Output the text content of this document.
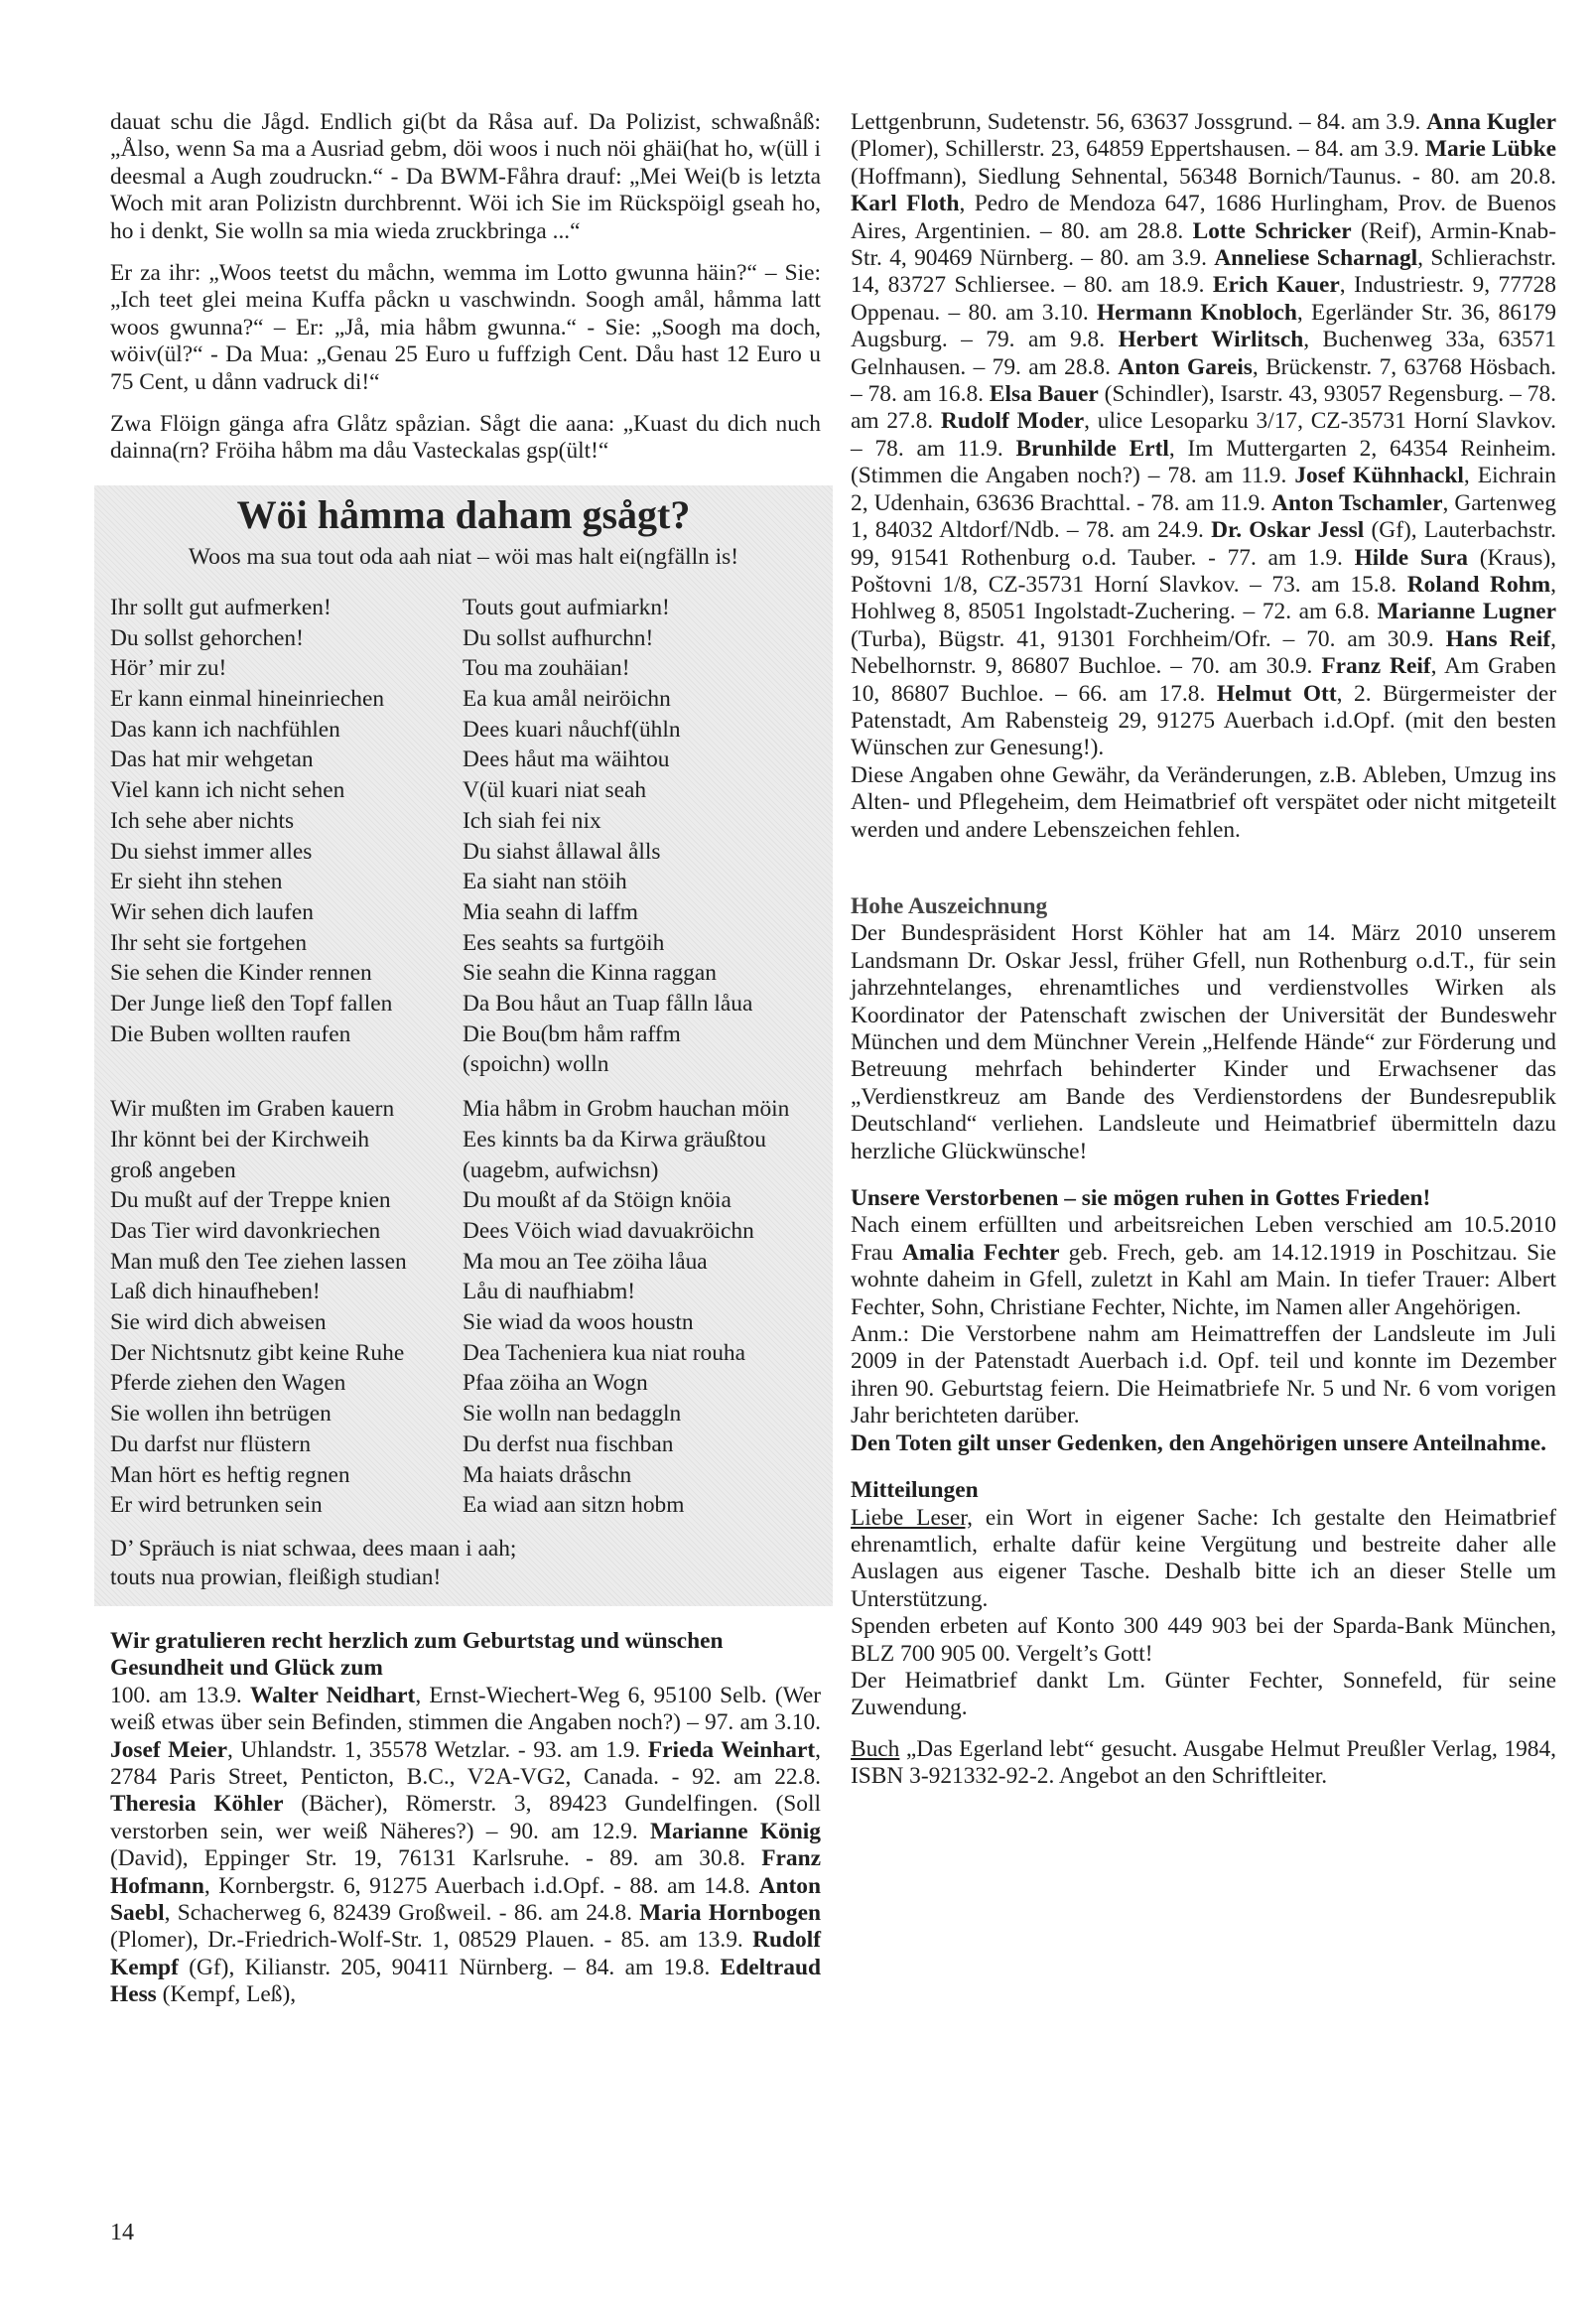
dauat schu die Jågd. Endlich gi(bt da Råsa auf. Da Polizist, schwaßnåß: „Ålso, wenn Sa ma a Ausriad gebm, döi woos i nuch nöi ghäi(hat ho, w(üll i deesmal a Augh zoudruckn.“ - Da BWM-Fåhra drauf: „Mei Wei(b is letzta Woch mit aran Polizistn durchbrennt. Wöi ich Sie im Rückspöigl gseah ho, ho i denkt, Sie wolln sa mia wieda zruckbringa ...“

Er za ihr: „Woos teetst du måchn, wemma im Lotto gwunna häin?“ – Sie: „Ich teet glei meina Kuffa påckn u vaschwindn. Soogh amål, håmma latt woos gwunna?“ – Er: „Jå, mia håbm gwunna.“ - Sie: „Soogh ma doch, wöiv(ül?“ - Da Mua: „Genau 25 Euro u fuffzigh Cent. Dåu hast 12 Euro u 75 Cent, u dånn vadruck di!“

Zwa Flöign gänga afra Glåtz spåzian. Sågt die aana: „Kuast du dich nuch dainna(rn? Fröiha håbm ma dåu Vasteckalas gsp(ült!“

Wöi håmma daham gsågt?
Woos ma sua tout oda aah niat – wöi mas halt ei(ngfälln is!
Ihr sollt gut aufmerken!	Touts gout aufmiarkn!
Du sollst gehorchen!	Du sollst aufhurchn!
Hör’ mir zu!	Tou ma zouhäian!
Er kann einmal hineinriechen	Ea kua amål neiröichn
Das kann ich nachfühlen	Dees kuari nåuchf(ühln
Das hat mir wehgetan	Dees håut ma wäihtou
Viel kann ich nicht sehen	V(ül kuari niat seah
Ich sehe aber nichts	Ich siah fei nix
Du siehst immer alles	Du siahst ållawal ålls
Er sieht ihn stehen	Ea siaht nan stöih
Wir sehen dich laufen	Mia seahn di laffm
Ihr seht sie fortgehen	Ees seahts sa furtgöih
Sie sehen die Kinder rennen	Sie seahn die Kinna raggan
Der Junge ließ den Topf fallen	Da Bou håut an Tuap fålln låua
Die Buben wollten raufen	Die Bou(bm håm raffm
(spoichn) wolln
Wir mußten im Graben kauern	Mia håbm in Grobm hauchan möin
Ihr könnt bei der Kirchweih	Ees kinnts ba da Kirwa gräußtou
groß angeben	(uagebm, aufwichsn)
Du mußt auf der Treppe knien	Du moußt af da Stöign knöia
Das Tier wird davonkriechen	Dees Vöich wiad davuakröichn
Man muß den Tee ziehen lassen	Ma mou an Tee zöiha låua
Laß dich hinaufheben!	Låu di naufhiabm!
Sie wird dich abweisen	Sie wiad da woos houstn
Der Nichtsnutz gibt keine Ruhe	Dea Tacheniera kua niat rouha
Pferde ziehen den Wagen	Pfaa zöiha an Wogn
Sie wollen ihn betrügen	Sie wolln nan bedaggln
Du darfst nur flüstern	Du derfst nua fischban
Man hört es heftig regnen	Ma haiats dråschn
Er wird betrunken sein	Ea wiad aan sitzn hobm
D’ Spräuch is niat schwaa, dees maan i aah;
touts nua prowian, fleißigh studian!

Wir gratulieren recht herzlich zum Geburtstag und wünschen Gesundheit und Glück zum

100. am 13.9. Walter Neidhart, Ernst-Wiechert-Weg 6, 95100 Selb. (Wer weiß etwas über sein Befinden, stimmen die Angaben noch?) – 97. am 3.10. Josef Meier, Uhlandstr. 1, 35578 Wetzlar. - 93. am 1.9. Frieda Weinhart, 2784 Paris Street, Penticton, B.C., V2A-VG2, Canada. - 92. am 22.8. Theresia Köhler (Bächer), Römerstr. 3, 89423 Gundelfingen. (Soll verstorben sein, wer weiß Näheres?) – 90. am 12.9. Marianne König (David), Eppinger Str. 19, 76131 Karlsruhe. - 89. am 30.8. Franz Hofmann, Kornbergstr. 6, 91275 Auerbach i.d.Opf. - 88. am 14.8. Anton Saebl, Schacherweg 6, 82439 Großweil. - 86. am 24.8. Maria Hornbogen (Plomer), Dr.-Friedrich-Wolf-Str. 1, 08529 Plauen. - 85. am 13.9. Rudolf Kempf (Gf), Kilianstr. 205, 90411 Nürnberg. – 84. am 19.8. Edeltraud Hess (Kempf, Leß),

Lettgenbrunn, Sudetenstr. 56, 63637 Jossgrund. – 84. am 3.9. Anna Kugler (Plomer), Schillerstr. 23, 64859 Eppertshausen. – 84. am 3.9. Marie Lübke (Hoffmann), Siedlung Sehnental, 56348 Bornich/Taunus. - 80. am 20.8. Karl Floth, Pedro de Mendoza 647, 1686 Hurlingham, Prov. de Buenos Aires, Argentinien. – 80. am 28.8. Lotte Schricker (Reif), Armin-Knab-Str. 4, 90469 Nürnberg. – 80. am 3.9. Anneliese Scharnagl, Schlierachstr. 14, 83727 Schliersee. – 80. am 18.9. Erich Kauer, Industriestr. 9, 77728 Oppenau. – 80. am 3.10. Hermann Knobloch, Egerländer Str. 36, 86179 Augsburg. – 79. am 9.8. Herbert Wirlitsch, Buchenweg 33a, 63571 Gelnhausen. – 79. am 28.8. Anton Gareis, Brückenstr. 7, 63768 Hösbach. – 78. am 16.8. Elsa Bauer (Schindler), Isarstr. 43, 93057 Regensburg. – 78. am 27.8. Rudolf Moder, ulice Lesoparku 3/17, CZ-35731 Horní Slavkov. – 78. am 11.9. Brunhilde Ertl, Im Muttergarten 2, 64354 Reinheim. (Stimmen die Angaben noch?) – 78. am 11.9. Josef Kühnhackl, Eichrain 2, Udenhain, 63636 Brachttal. - 78. am 11.9. Anton Tschamler, Gartenweg 1, 84032 Altdorf/Ndb. – 78. am 24.9. Dr. Oskar Jessl (Gf), Lauterbachstr. 99, 91541 Rothenburg o.d. Tauber. - 77. am 1.9. Hilde Sura (Kraus), Poštovni 1/8, CZ-35731 Horní Slavkov. – 73. am 15.8. Roland Rohm, Hohlweg 8, 85051 Ingolstadt-Zuchering. – 72. am 6.8. Marianne Lugner (Turba), Bügstr. 41, 91301 Forchheim/Ofr. – 70. am 30.9. Hans Reif, Nebelhornstr. 9, 86807 Buchloe. – 70. am 30.9. Franz Reif, Am Graben 10, 86807 Buchloe. – 66. am 17.8. Helmut Ott, 2. Bürgermeister der Patenstadt, Am Rabensteig 29, 91275 Auerbach i.d.Opf. (mit den besten Wünschen zur Genesung!).

Diese Angaben ohne Gewähr, da Veränderungen, z.B. Ableben, Umzug ins Alten- und Pflegeheim, dem Heimatbrief oft verspätet oder nicht mitgeteilt werden und andere Lebenszeichen fehlen.

Hohe Auszeichnung

Der Bundespräsident Horst Köhler hat am 14. März 2010 unserem Landsmann Dr. Oskar Jessl, früher Gfell, nun Rothenburg o.d.T., für sein jahrzehntelanges, ehrenamtliches und verdienstvolles Wirken als Koordinator der Patenschaft zwischen der Universität der Bundeswehr München und dem Münchner Verein „Helfende Hände“ zur Förderung und Betreuung mehrfach behinderter Kinder und Erwachsener das „Verdienstkreuz am Bande des Verdienstordens der Bundesrepublik Deutschland“ verliehen. Landsleute und Heimatbrief übermitteln dazu herzliche Glückwünsche!

Unsere Verstorbenen – sie mögen ruhen in Gottes Frieden!

Nach einem erfüllten und arbeitsreichen Leben verschied am 10.5.2010 Frau Amalia Fechter geb. Frech, geb. am 14.12.1919 in Poschitzau. Sie wohnte daheim in Gfell, zuletzt in Kahl am Main. In tiefer Trauer: Albert Fechter, Sohn, Christiane Fechter, Nichte, im Namen aller Angehörigen.

Anm.: Die Verstorbene nahm am Heimattreffen der Landsleute im Juli 2009 in der Patenstadt Auerbach i.d. Opf. teil und konnte im Dezember ihren 90. Geburtstag feiern. Die Heimatbriefe Nr. 5 und Nr. 6 vom vorigen Jahr berichteten darüber.

Den Toten gilt unser Gedenken, den Angehörigen unsere Anteilnahme.

Mitteilungen

Liebe Leser, ein Wort in eigener Sache: Ich gestalte den Heimatbrief ehrenamtlich, erhalte dafür keine Vergütung und bestreite daher alle Auslagen aus eigener Tasche. Deshalb bitte ich an dieser Stelle um Unterstützung.

Spenden erbeten auf Konto 300 449 903 bei der Sparda-Bank München, BLZ 700 905 00. Vergelt’s Gott!

Der Heimatbrief dankt Lm. Günter Fechter, Sonnefeld, für seine Zuwendung.

Buch „Das Egerland lebt“ gesucht. Ausgabe Helmut Preußler Verlag, 1984, ISBN 3-921332-92-2. Angebot an den Schriftleiter.

14
